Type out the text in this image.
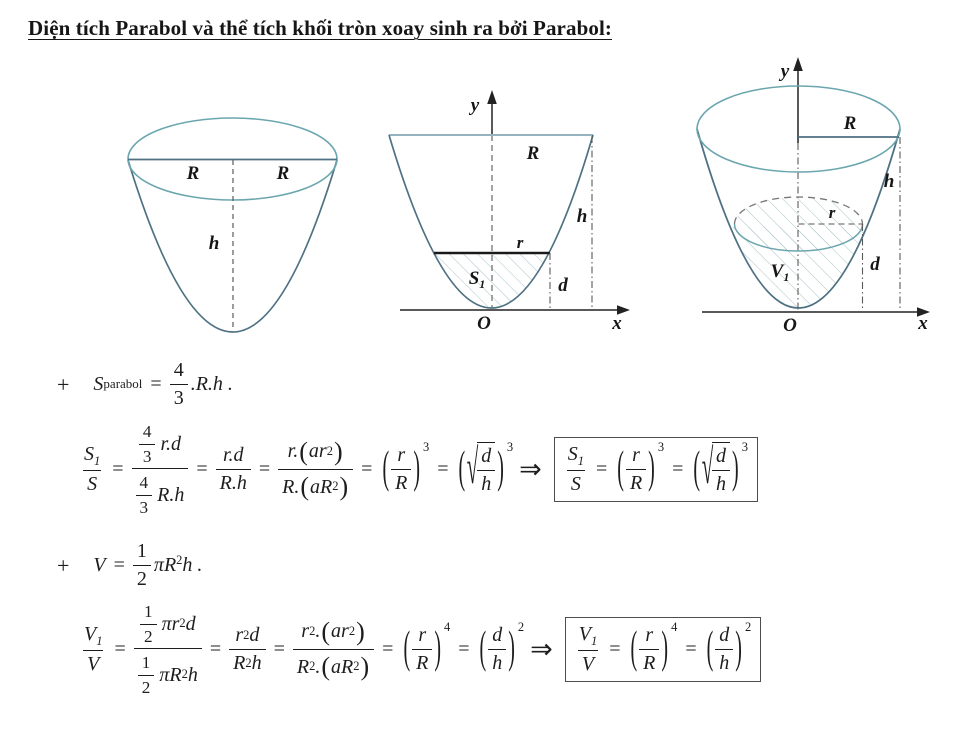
Diện tích Parabol và thể tích khối tròn xoay sinh ra bởi Parabol:
R	R
h
y
x
R
h
r
$S_1$	d
O
y
x
R
h
r
$V_1$
d
O
+ S parabol = $\frac{4}{3} .R.h$ .
$\frac{S_1}{S} = \frac{\frac{4}{3} r.d}{\frac{4}{3} R.h} = \frac{r.d}{R.h} = \frac{r. ( ar 2 )}{R. ( aR 2 )}$ = ( $\frac{r}{R}$ ) 3
= ( √
$\frac{d}{h}$ ) 3
⇒ $\frac{S_1}{S}$ = ( $\frac{r}{R}$ ) 3
= ( √
$\frac{d}{h}$ ) 3
+ $V = \frac{1}{2} \pi R^2h$ .
$\frac{V_1}{V} = \frac{\frac{1}{2} \pi r 2 d}{\frac{1}{2} \pi R 2 h} = \frac{r 2 d}{R 2 h} = \frac{r 2 . ( ar 2 )}{R 2 . ( aR 2 )}$ = ( $\frac{r}{R}$ ) 4
= ( $\frac{d}{h}$ ) 2
⇒ $\frac{V_1}{V}$ = ( $\frac{r}{R}$ ) 4
= ( $\frac{d}{h}$ ) 2
